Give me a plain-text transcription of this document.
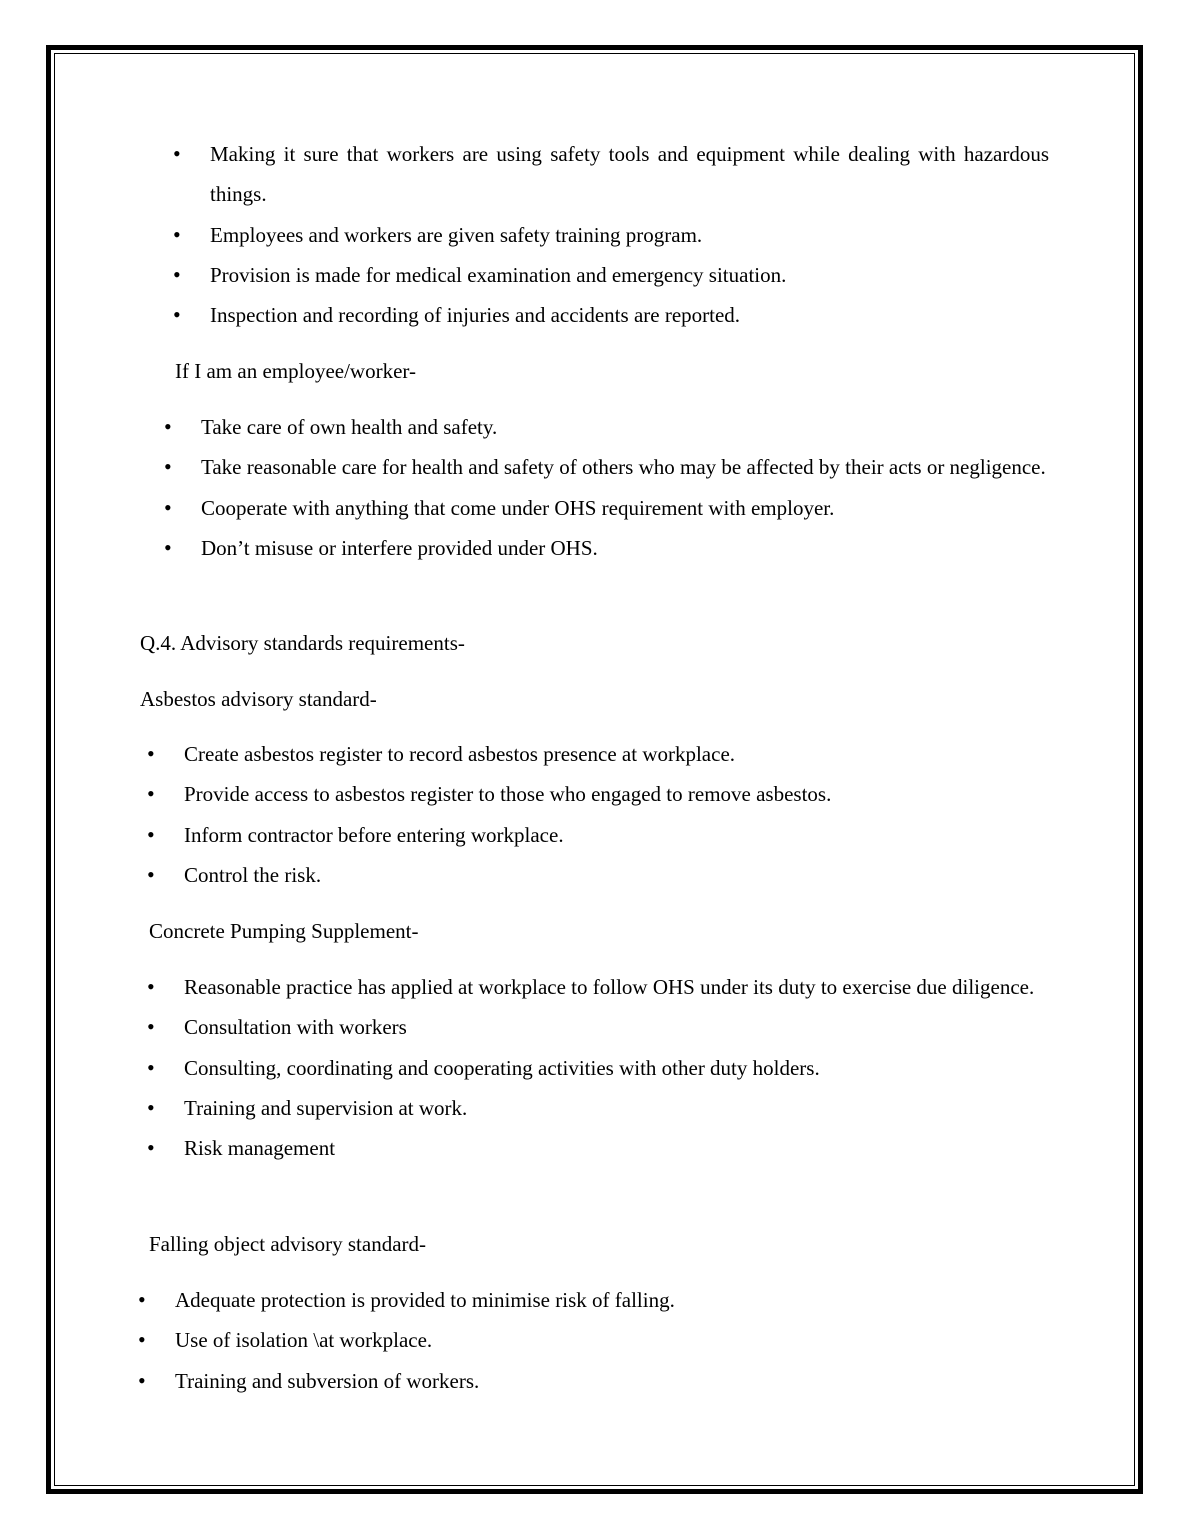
• Making it sure that workers are using safety tools and equipment while dealing with hazardous things.
• Employees and workers are given safety training program.
• Provision is made for medical examination and emergency situation.
• Inspection and recording of injuries and accidents are reported.
If I am an employee/worker-
• Take care of own health and safety.
• Take reasonable care for health and safety of others who may be affected by their acts or negligence.
• Cooperate with anything that come under OHS requirement with employer.
• Don’t misuse or interfere provided under OHS.
Q.4. Advisory standards requirements-
Asbestos advisory standard-
• Create asbestos register to record asbestos presence at workplace.
• Provide access to asbestos register to those who engaged to remove asbestos.
• Inform contractor before entering workplace.
• Control the risk.
Concrete Pumping Supplement-
• Reasonable practice has applied at workplace to follow OHS under its duty to exercise due diligence.
• Consultation with workers
• Consulting, coordinating and cooperating activities with other duty holders.
• Training and supervision at work.
• Risk management
Falling object advisory standard-
• Adequate protection is provided to minimise risk of falling.
• Use of isolation \at workplace.
• Training and subversion of workers.
